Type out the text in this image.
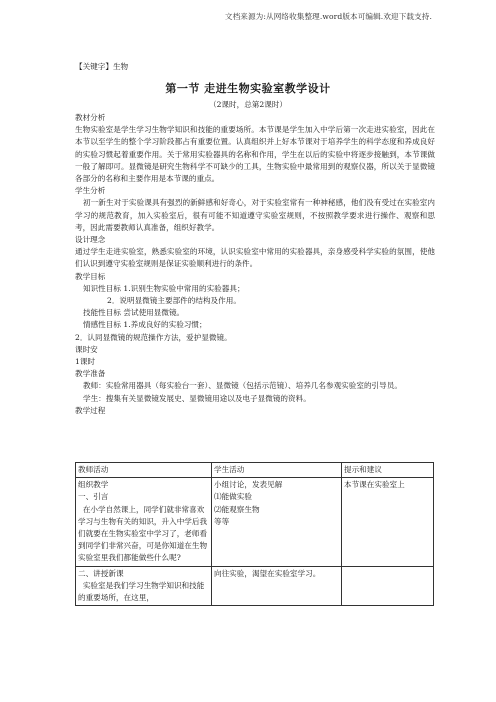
文档来源为:从网络收集整理.word版本可编辑.欢迎下载支持.
【关键字】生物
第一节 走进生物实验室教学设计
（2课时，总第2课时）

教材分析

生物实验室是学生学习生物学知识和技能的重要场所。本节课是学生加入中学后第一次走进实验室，因此在本节以至学生的整个学习阶段都占有重要位置。认真组织并上好本节课对于培养学生的科学态度和养成良好的实验习惯起着重要作用。关于常用实验器具的名称和作用，学生在以后的实验中将逐步接触到，本节课做一般了解即可。显微镜是研究生物科学不可缺少的工具，生物实验中最常用到的观察仪器，所以关于显微镜各部分的名称和主要作用是本节课的重点。

学生分析

初一新生对于实验课具有强烈的新鲜感和好奇心，对于实验室常有一种神秘感，他们没有受过在实验室内学习的规范教育，加入实验室后，很有可能不知道遵守实验室规则，不按照教学要求进行操作、观察和思考，因此需要教师认真准备，组织好教学。

设计理念

通过学生走进实验室，熟悉实验室的环境，认识实验室中常用的实验器具，亲身感受科学实验的氛围，使他们认识到遵守实验室规则是保证实验顺利进行的条件。

教学目标

知识性目标 1.识别生物实验中常用的实验器具；

2．说明显微镜主要部件的结构及作用。

技能性目标 尝试使用显微镜。

情感性目标 1.养成良好的实验习惯；

2．认同显微镜的规范操作方法，爱护显微镜。

课时安

1课时

教学准备

教师：实验常用器具（每实验台一套）、显微镜（包括示范镜）、培养几名参观实验室的引导员。

学生：搜集有关显微镜发展史、显微镜用途以及电子显微镜的资料。

教学过程

教师活动	学生活动	提示和建议
组织教学
一、引言
在小学自然课上，同学们就非常喜欢学习与生物有关的知识，升入中学后我们就要在生物实验室中学习了，老师看到同学们非常兴奋，可是你知道在生物实验室里我们都能做些什么呢?	小组讨论，发表见解
⑴能做实验
⑵能观察生物
等等	本节课在实验室上
二、讲授新课
实验室是我们学习生物学知识和技能的重要场所，在这里，	向往实验，渴望在实验室学习。	
